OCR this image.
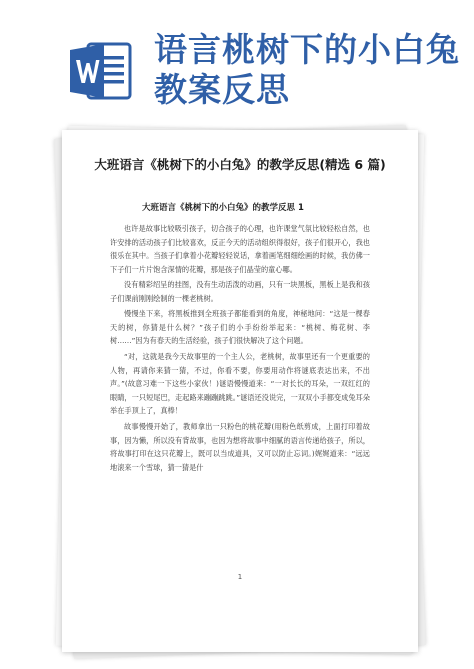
语言桃树下的小白兔教案反思
大班语言《桃树下的小白兔》的教学反思(精选 6 篇)
大班语言《桃树下的小白兔》的教学反思 1

也许是故事比较吸引孩子，切合孩子的心理，也许课堂气氛比较轻松自然，也许安排的活动孩子们比较喜欢，反正今天的活动组织得很好，孩子们很开心，我也很乐在其中。当孩子们拿着小花瓣轻轻说话，拿着画笔细细绘画的时候，我仿佛一下子们一片片饱含深情的花瓣，那是孩子们晶莹的童心哪。

没有精彩绍呈的挂图，没有生动活泼的动画，只有一块黑板，黑板上是我和孩子们课前刚刚绘制的一棵老桃树。

慢慢坐下来，将黑板推到全班孩子都能看到的角度，神秘地问：“这是一棵春天的树，你猜是什么树？”孩子们的小手纷纷举起来：“桃树、梅花树、李树……”因为有春天的生活经验，孩子们很快解决了这个问题。

“对，这就是我今天故事里的一个主人公，老桃树，故事里还有一个更重要的人物，再请你来猜一猜，不过，你看不要，你要用动作将谜底表达出来，不出声。”(故意习难一下这些小家伙！)谜语慢慢道来：“一对长长的耳朵，一双红红的眼睛，一只短尾巴，走起路来蹦蹦跳跳。”谜语还没说完，一双双小手都变成兔耳朵举在手顶上了，真棒！

故事慢慢开始了，教师拿出一只粉色的桃花瓣(用粉色纸剪成，上面打印着故事，因为懒，所以没有背故事，也因为想将故事中细腻的语言传递给孩子，所以，将故事打印在这只花瓣上，既可以当成道具，又可以防止忘词。)娓娓道来：“远远地滚来一个雪球，猜一猜是什

1
